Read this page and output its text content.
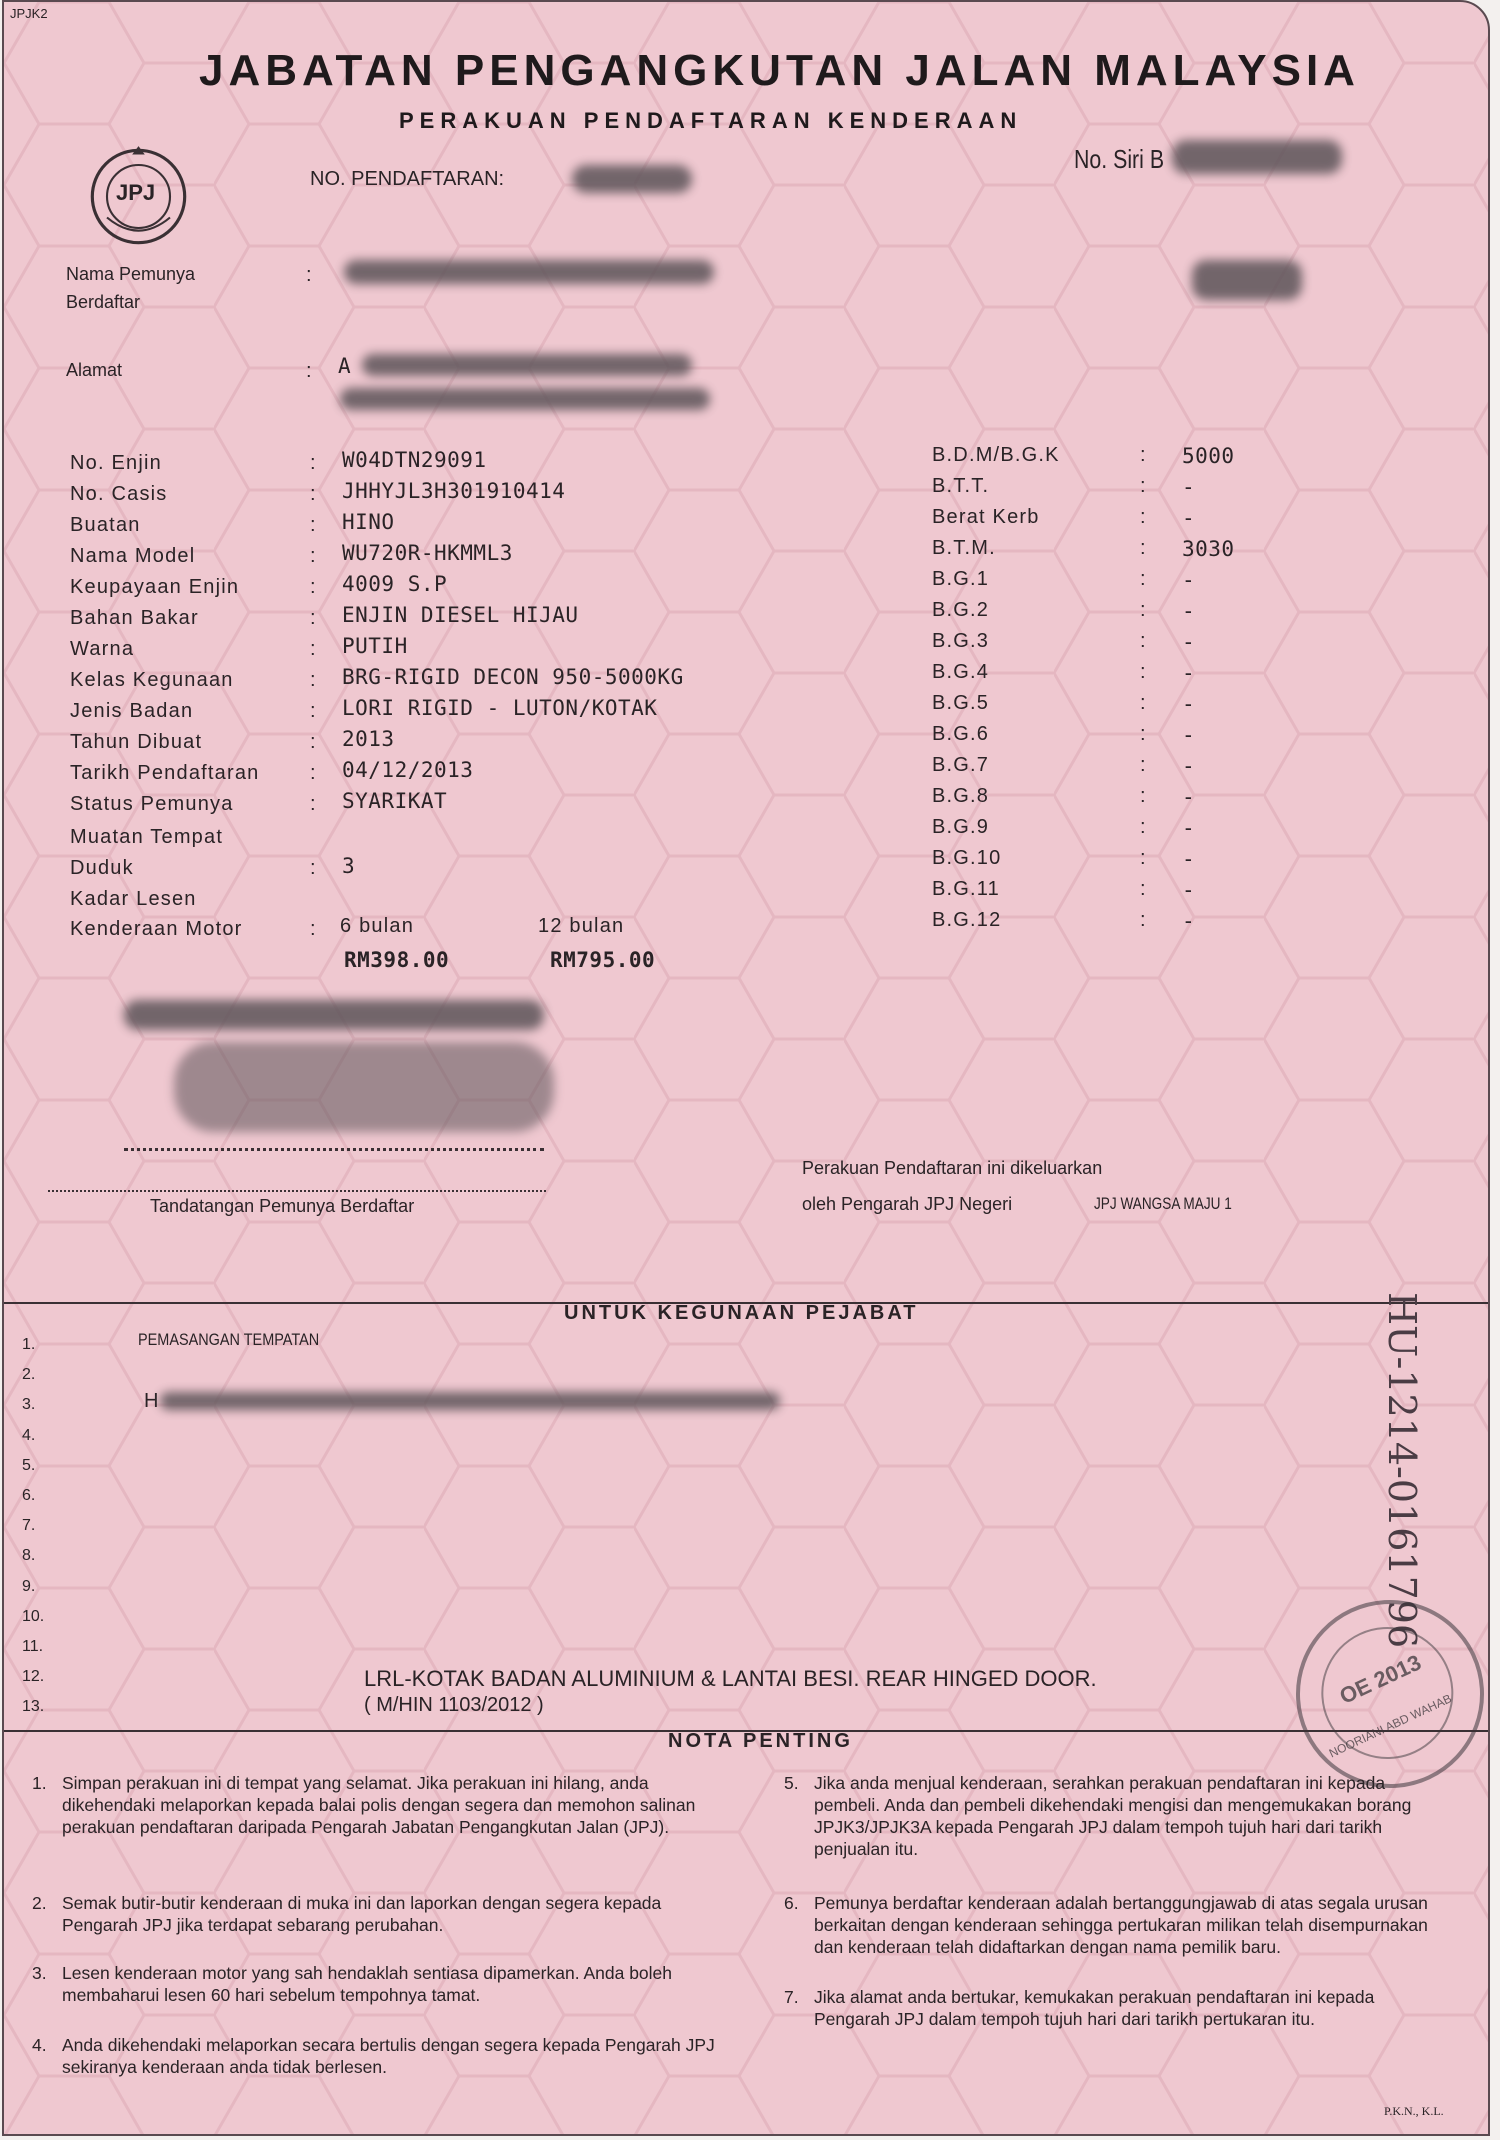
JPJK2
JPJ
JABATAN PENGANGKUTAN JALAN MALAYSIA
PERAKUAN PENDAFTARAN KENDERAAN
No. Siri B
NO. PENDAFTARAN:
Nama Pemunya
Berdaftar
:
Alamat	: A
No. Enjin	: W04DTN29091
No. Casis	: JHHYJL3H301910414
Buatan	: HINO
Nama Model	: WU720R-HKMML3
Keupayaan Enjin	: 4009 S.P
Bahan Bakar	: ENJIN DIESEL HIJAU
Warna	: PUTIH
Kelas Kegunaan	: BRG-RIGID DECON 950-5000KG
Jenis Badan	: LORI RIGID - LUTON/KOTAK
Tahun Dibuat	: 2013
Tarikh Pendaftaran	: 04/12/2013
Status Pemunya	: SYARIKAT
Muatan Tempat
Duduk	: 3
Kadar Lesen
Kenderaan Motor	: 6 bulan	12 bulan
RM398.00	RM795.00
B.D.M/B.G.K	: 5000
B.T.T.	: -
Berat Kerb	: -
B.T.M.	: 3030
B.G.1	: -
B.G.2	: -
B.G.3	: -
B.G.4	: -
B.G.5	: -
B.G.6	: -
B.G.7	: -
B.G.8	: -
B.G.9	: -
B.G.10	: -
B.G.11	: -
B.G.12	: -
Tandatangan Pemunya Berdaftar
Perakuan Pendaftaran ini dikeluarkan
oleh Pengarah JPJ Negeri	JPJ WANGSA MAJU 1
UNTUK KEGUNAAN PEJABAT
1.
2.
3.
4.
5.
6.
7.
8.
9.
10.
11.
12.
13.
PEMASANGAN TEMPATAN
H
LRL-KOTAK BADAN ALUMINIUM & LANTAI BESI. REAR HINGED DOOR.
( M/HIN 1103/2012 )
HU-1214-0161796
OE 2013
NOORIANI ABD WAHAB
NOTA PENTING
1. Simpan perakuan ini di tempat yang selamat. Jika perakuan ini hilang, anda dikehendaki melaporkan kepada balai polis dengan segera dan memohon salinan perakuan pendaftaran daripada Pengarah Jabatan Pengangkutan Jalan (JPJ).
2. Semak butir-butir kenderaan di muka ini dan laporkan dengan segera kepada Pengarah JPJ jika terdapat sebarang perubahan.
3. Lesen kenderaan motor yang sah hendaklah sentiasa dipamerkan. Anda boleh membaharui lesen 60 hari sebelum tempohnya tamat.
4. Anda dikehendaki melaporkan secara bertulis dengan segera kepada Pengarah JPJ sekiranya kenderaan anda tidak berlesen.
5. Jika anda menjual kenderaan, serahkan perakuan pendaftaran ini kepada pembeli. Anda dan pembeli dikehendaki mengisi dan mengemukakan borang JPJK3/JPJK3A kepada Pengarah JPJ dalam tempoh tujuh hari dari tarikh penjualan itu.
6. Pemunya berdaftar kenderaan adalah bertanggungjawab di atas segala urusan berkaitan dengan kenderaan sehingga pertukaran milikan telah disempurnakan dan kenderaan telah didaftarkan dengan nama pemilik baru.
7. Jika alamat anda bertukar, kemukakan perakuan pendaftaran ini kepada Pengarah JPJ dalam tempoh tujuh hari dari tarikh pertukaran itu.
P.K.N., K.L.
